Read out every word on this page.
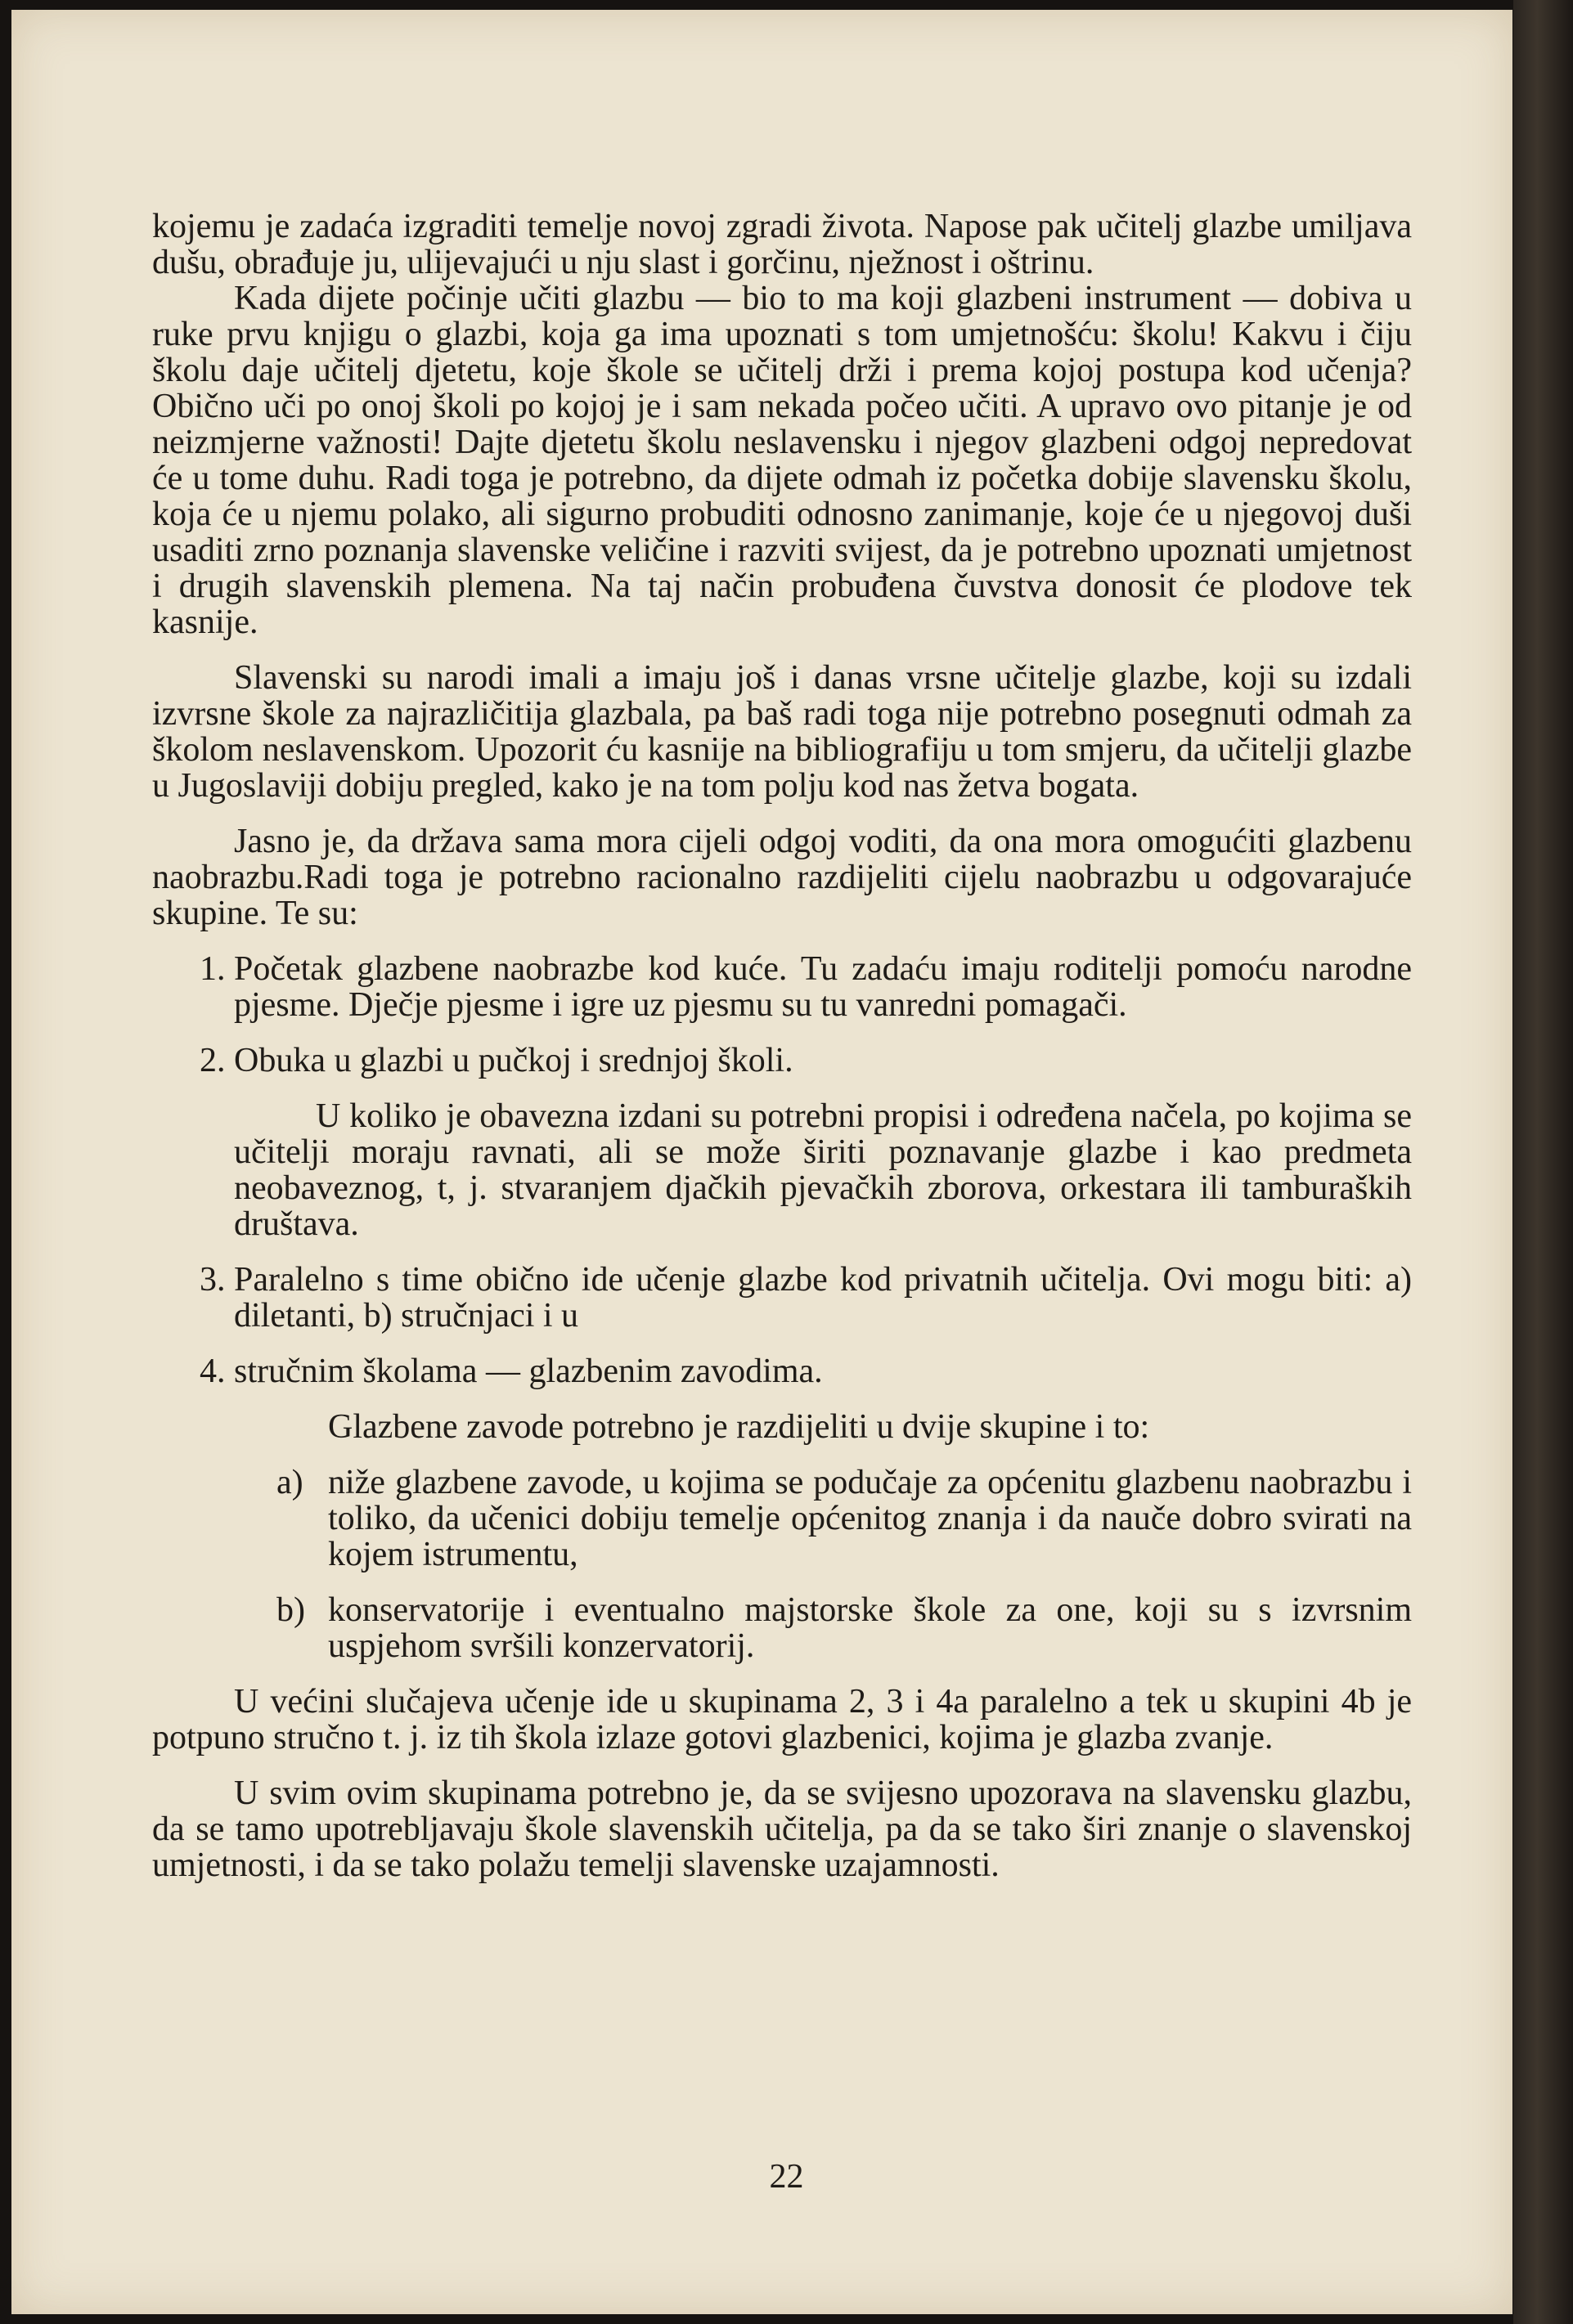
kojemu je zadaća izgraditi temelje novoj zgradi života. Napose pak učitelj glazbe umiljava dušu, obrađuje ju, ulijevajući u nju slast i gorčinu, nježnost i oštrinu.

Kada dijete počinje učiti glazbu — bio to ma koji glazbeni instrument — dobiva u ruke prvu knjigu o glazbi, koja ga ima upoznati s tom umjetnošću: školu! Kakvu i čiju školu daje učitelj djetetu, koje škole se učitelj drži i prema kojoj postupa kod učenja? Obično uči po onoj školi po kojoj je i sam nekada počeo učiti. A upravo ovo pitanje je od neizmjerne važnosti! Dajte djetetu školu neslavensku i njegov glazbeni odgoj nepredovat će u tome duhu. Radi toga je potrebno, da dijete odmah iz početka dobije slavensku školu, koja će u njemu polako, ali sigurno probuditi odnosno zanimanje, koje će u njegovoj duši usaditi zrno poznanja slavenske veličine i razviti svijest, da je potrebno upoznati umjetnost i drugih slavenskih plemena. Na taj način probuđena čuvstva donosit će plodove tek kasnije.

Slavenski su narodi imali a imaju još i danas vrsne učitelje glazbe, koji su izdali izvrsne škole za najrazličitija glazbala, pa baš radi toga nije potrebno posegnuti odmah za školom neslavenskom. Upozorit ću kasnije na bibliografiju u tom smjeru, da učitelji glazbe u Jugoslaviji dobiju pregled, kako je na tom polju kod nas žetva bogata.

Jasno je, da država sama mora cijeli odgoj voditi, da ona mora omogućiti glazbenu naobrazbu.Radi toga je potrebno racionalno razdijeliti cijelu naobrazbu u odgovarajuće skupine. Te su:

1. Početak glazbene naobrazbe kod kuće. Tu zadaću imaju roditelji pomoću narodne pjesme. Dječje pjesme i igre uz pjesmu su tu vanredni pomagači.
2. Obuka u glazbi u pučkoj i srednjoj školi.

U koliko je obavezna izdani su potrebni propisi i određena načela, po kojima se učitelji moraju ravnati, ali se može širiti poznavanje glazbe i kao predmeta neobaveznog, t, j. stvaranjem djačkih pjevačkih zborova, orkestara ili tamburaških društava.

3. Paralelno s time obično ide učenje glazbe kod privatnih učitelja. Ovi mogu biti: a) diletanti, b) stručnjaci i u
4. stručnim školama — glazbenim zavodima.

Glazbene zavode potrebno je razdijeliti u dvije skupine i to:

a) niže glazbene zavode, u kojima se podučaje za općenitu glazbenu naobrazbu i toliko, da učenici dobiju temelje općenitog znanja i da nauče dobro svirati na kojem istrumentu,
b) konservatorije i eventualno majstorske škole za one, koji su s izvrsnim uspjehom svršili konzervatorij.

U većini slučajeva učenje ide u skupinama 2, 3 i 4a paralelno a tek u skupini 4b je potpuno stručno t. j. iz tih škola izlaze gotovi glazbenici, kojima je glazba zvanje.

U svim ovim skupinama potrebno je, da se svijesno upozorava na slavensku glazbu, da se tamo upotrebljavaju škole slavenskih učitelja, pa da se tako širi znanje o slavenskoj umjetnosti, i da se tako polažu temelji slavenske uzajamnosti.

22
